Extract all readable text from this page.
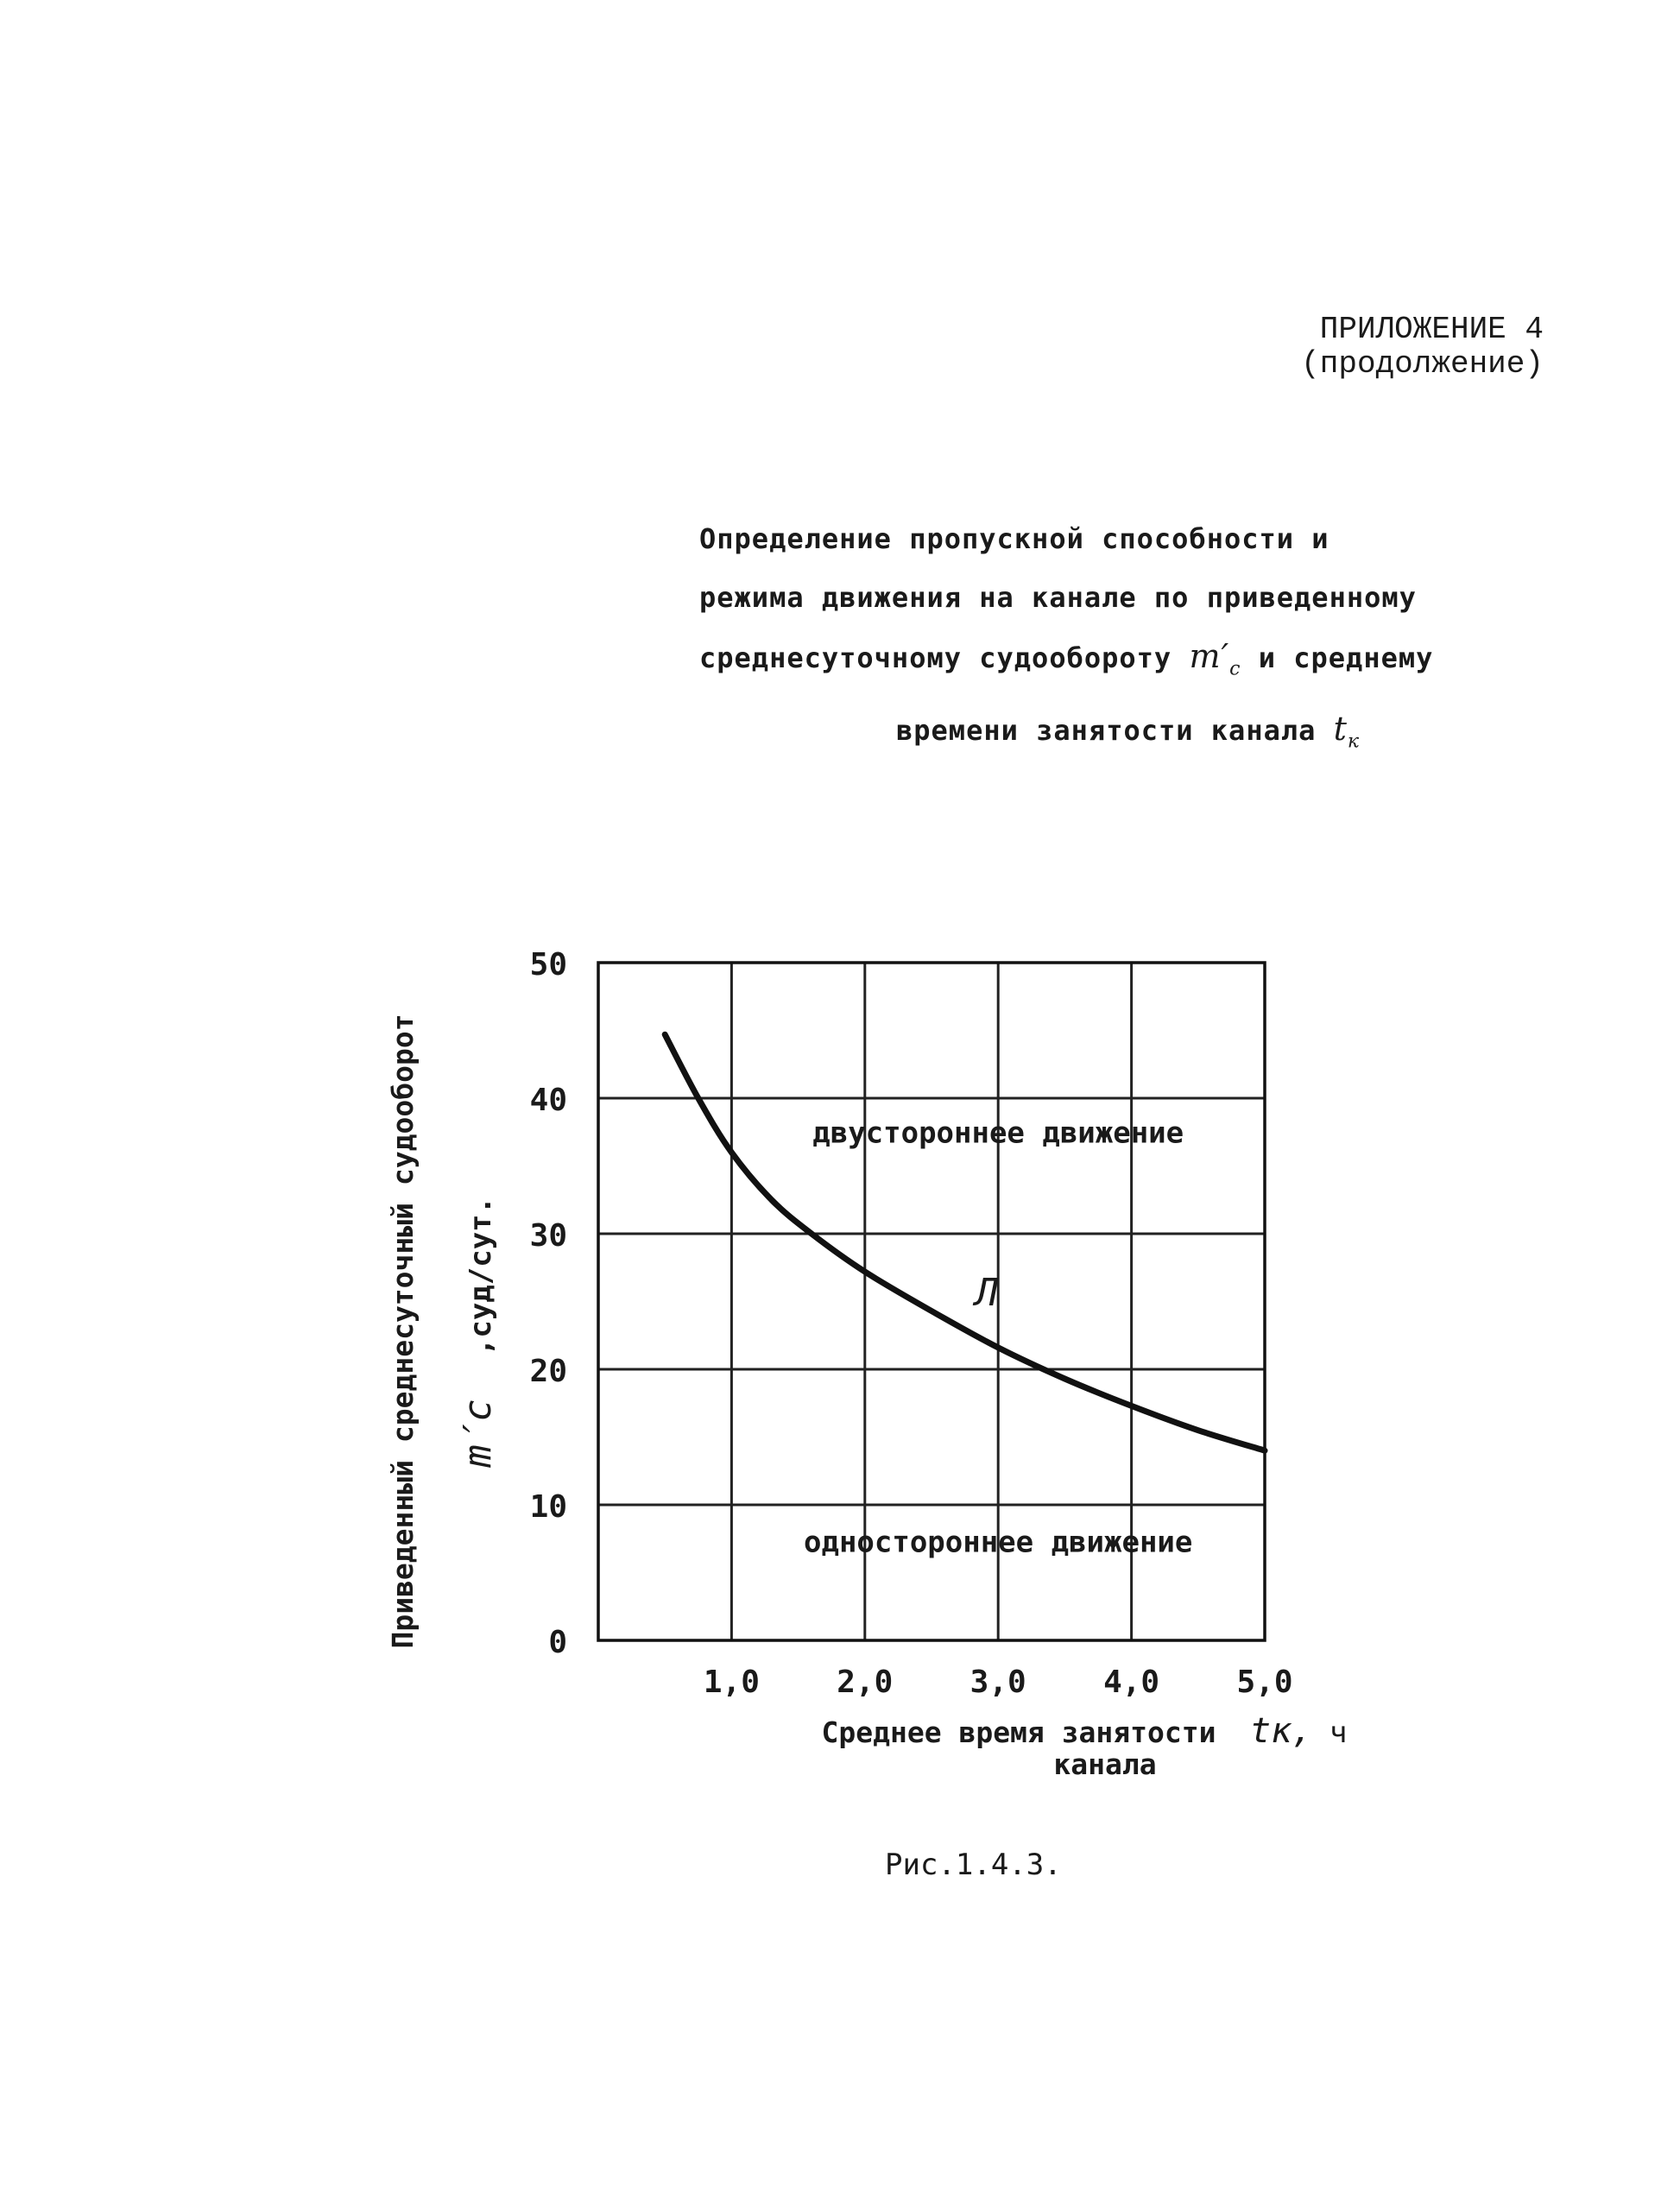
ПРИЛОЖЕНИЕ 4
(продолжение)
Определение пропускной способности и
режима движения на канале по приведенному
среднесуточному судообороту $m'_с$ и среднему
времени занятости канала $t_к$
0
10
20
30
40
50
1,0 2,0 3,0 4,0 5,0
Л
двустороннее движение
одностороннее движение
Среднее время занятости
канала
tк, ч
Приведенный среднесуточный судооборот ,суд/сут.
m′с
Рис.1.4.3.
